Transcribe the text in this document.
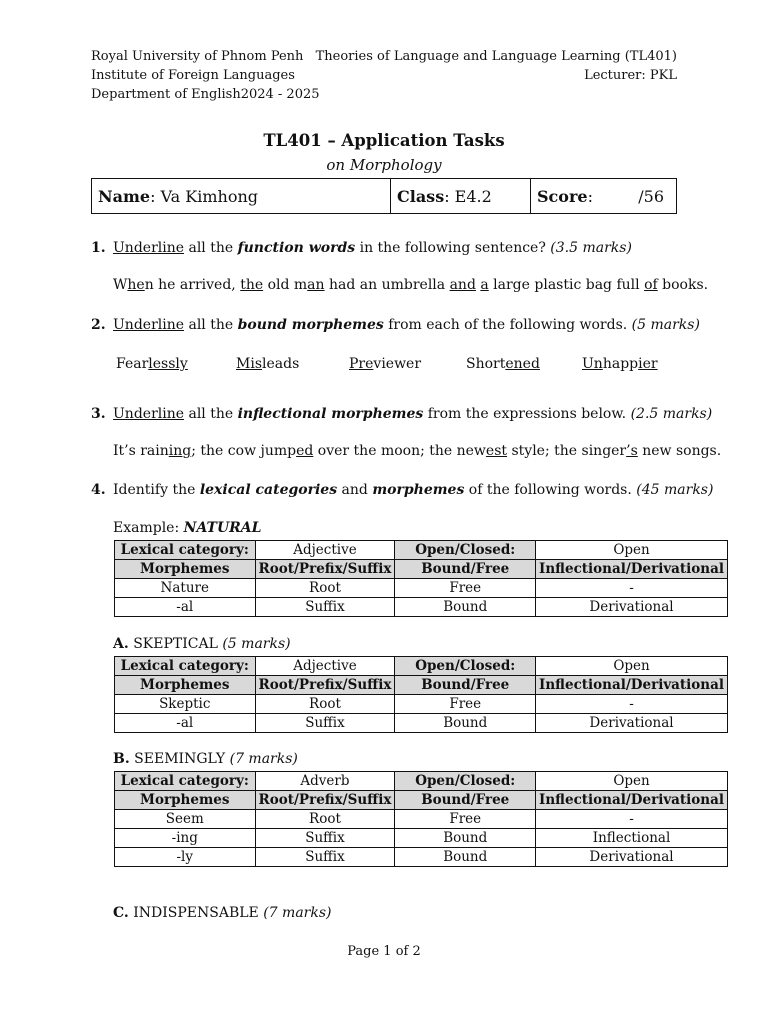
Royal University of Phnom Penh
Institute of Foreign Languages
Department of English2024 - 2025
Theories of Language and Language Learning (TL401)
Lecturer: PKL
TL401 – Application Tasks
on Morphology
Name : Va Kimhong	Class : E4.2	Score :	/56
1. Underline all the function words in the following sentence? (3.5 marks)
When he arrived, the old man had an umbrella and a large plastic bag full of books.
2. Underline all the bound morphemes from each of the following words. (5 marks)
Fearlessly	Misleads	Previewer	Shortened	Unhappier
3. Underline all the inflectional morphemes from the expressions below. (2.5 marks)
It’s raining; the cow jumped over the moon; the newest style; the singer’s new songs.
4. Identify the lexical categories and morphemes of the following words. (45 marks)
Example: NATURAL
Lexical category:	Adjective	Open/Closed:	Open
Morphemes	Root/Prefix/Suffix	Bound/Free	Inflectional/Derivational
Nature	Root	Free	-
-al	Suffix	Bound	Derivational
A. SKEPTICAL (5 marks)
Lexical category:	Adjective	Open/Closed:	Open
Morphemes	Root/Prefix/Suffix	Bound/Free	Inflectional/Derivational
Skeptic	Root	Free	-
-al	Suffix	Bound	Derivational
B. SEEMINGLY (7 marks)
Lexical category:	Adverb	Open/Closed:	Open
Morphemes	Root/Prefix/Suffix	Bound/Free	Inflectional/Derivational
Seem	Root	Free	-
-ing	Suffix	Bound	Inflectional
-ly	Suffix	Bound	Derivational
C. INDISPENSABLE (7 marks)
Page 1 of 2
